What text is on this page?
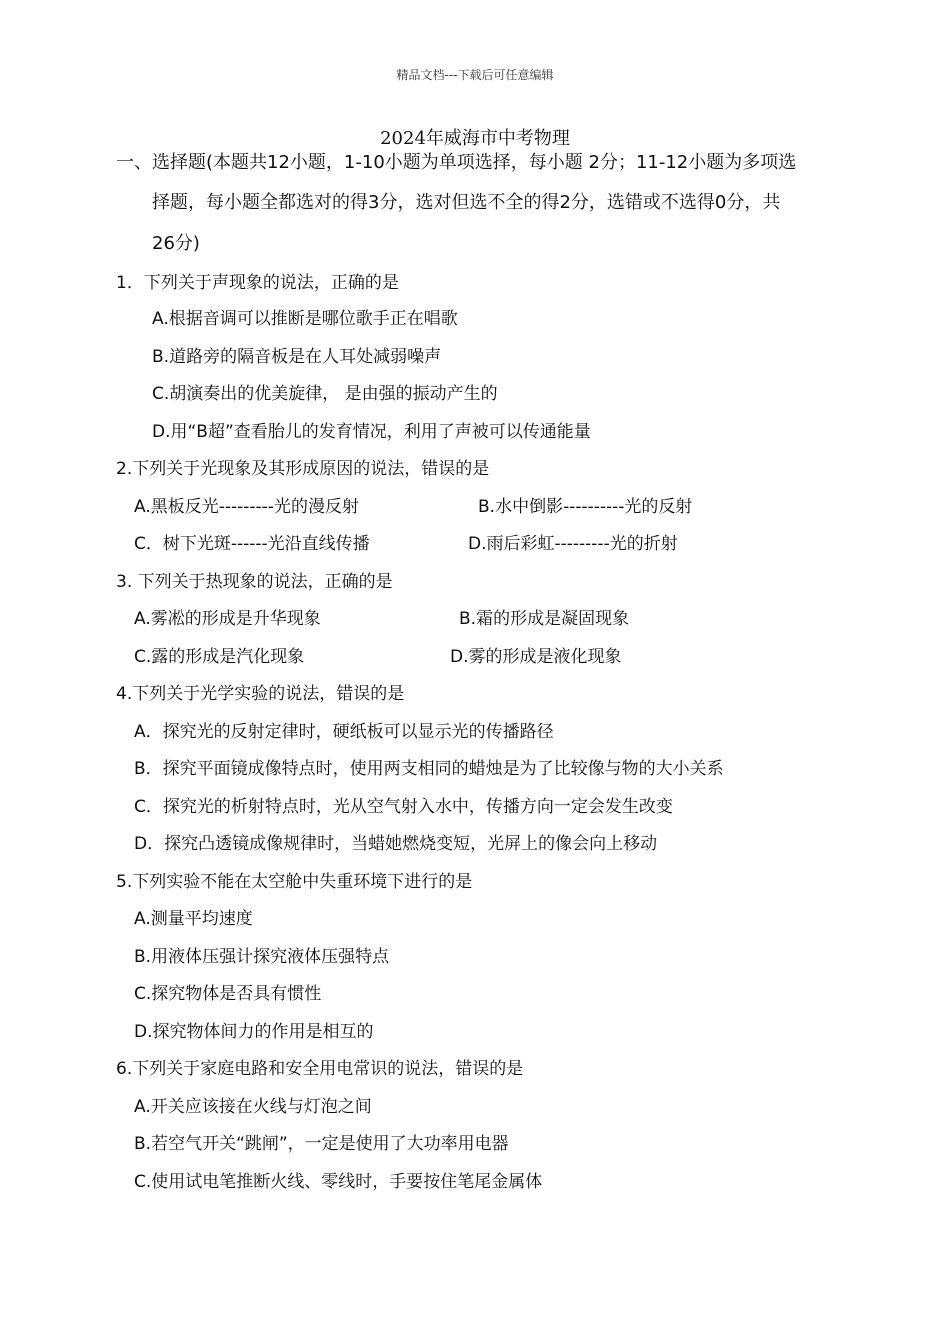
精品文档---下载后可任意编辑
2024年威海市中考物理
一、选择题(本题共12小题，1-10小题为单项选择，每小题 2分；11-12小题为多项选
择题，每小题全都选对的得3分，选对但选不全的得2分，选错或不选得0分，共
26分)
1．下列关于声现象的说法，正确的是
A.根据音调可以推断是哪位歌手正在唱歌
B.道路旁的隔音板是在人耳处减弱噪声
C.胡演奏出的优美旋律， 是由强的振动产生的
D.用“B超”查看胎儿的发育情况，利用了声被可以传通能量
2.下列关于光现象及其形成原因的说法，错误的是
A.黑板反光---------光的漫反射	B.水中倒影----------光的反射
C．树下光斑------光沿直线传播	D.雨后彩虹---------光的折射
3. 下列关于热现象的说法，正确的是
A.雾凇的形成是升华现象	B.霜的形成是凝固现象
C.露的形成是汽化现象	D.雾的形成是液化现象
4.下列关于光学实验的说法，错误的是
A．探究光的反射定律时，硬纸板可以显示光的传播路径
B．探究平面镜成像特点时，使用两支相同的蜡烛是为了比较像与物的大小关系
C．探究光的析射特点时，光从空气射入水中，传播方向一定会发生改变
D．探究凸透镜成像规律时，当蜡她燃烧变短，光屏上的像会向上移动
5.下列实验不能在太空舱中失重环境下进行的是
A.测量平均速度
B.用液体压强计探究液体压强特点
C.探究物体是否具有惯性
D.探究物体间力的作用是相互的
6.下列关于家庭电路和安全用电常识的说法，错误的是
A.开关应该接在火线与灯泡之间
B.若空气开关“跳闸”，一定是使用了大功率用电器
C.使用试电笔推断火线、零线时，手要按住笔尾金属体
